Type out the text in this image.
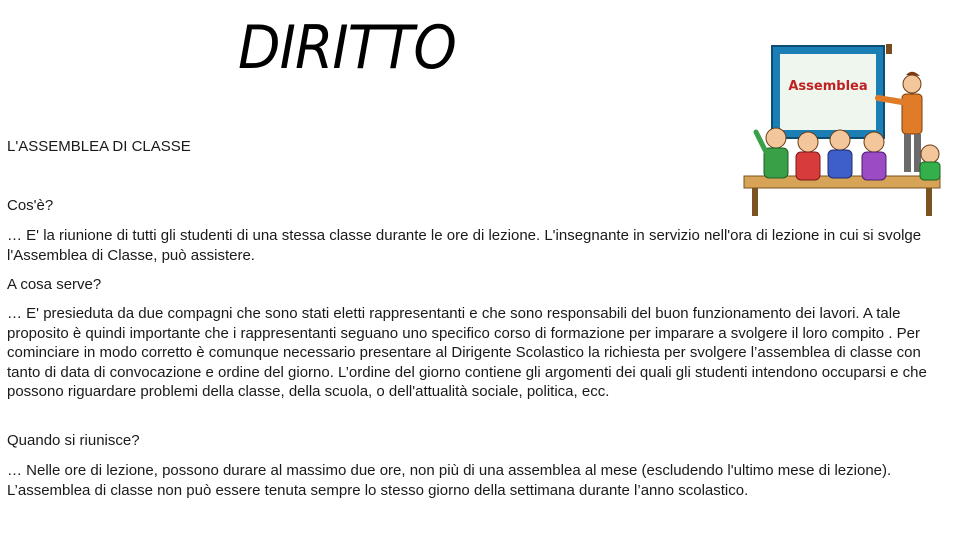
DIRITTO
L'ASSEMBLEA DI CLASSE
Cos'è?
… E' la riunione di tutti gli studenti di una stessa classe durante le ore di lezione. L'insegnante in servizio nell'ora di lezione in cui si svolge l'Assemblea di Classe, può assistere.
A cosa serve?
… E' presieduta da due compagni che sono stati eletti rappresentanti e che sono responsabili del buon funzionamento dei lavori. A tale proposito è quindi importante che i rappresentanti seguano uno specifico corso di formazione per imparare a svolgere il loro compito . Per cominciare in modo corretto è comunque necessario presentare al Dirigente Scolastico la richiesta per svolgere l’assemblea di classe con tanto di data di convocazione e ordine del giorno. L’ordine del giorno contiene gli argomenti dei quali gli studenti intendono occuparsi e che possono riguardare problemi della classe, della scuola, o dell'attualità sociale, politica, ecc.
Quando si riunisce?
… Nelle ore di lezione, possono durare al massimo due ore, non più di una assemblea al mese (escludendo l'ultimo mese di lezione). L’assemblea di classe non può essere tenuta sempre lo stesso giorno della settimana durante l’anno scolastico.
Assemblea
